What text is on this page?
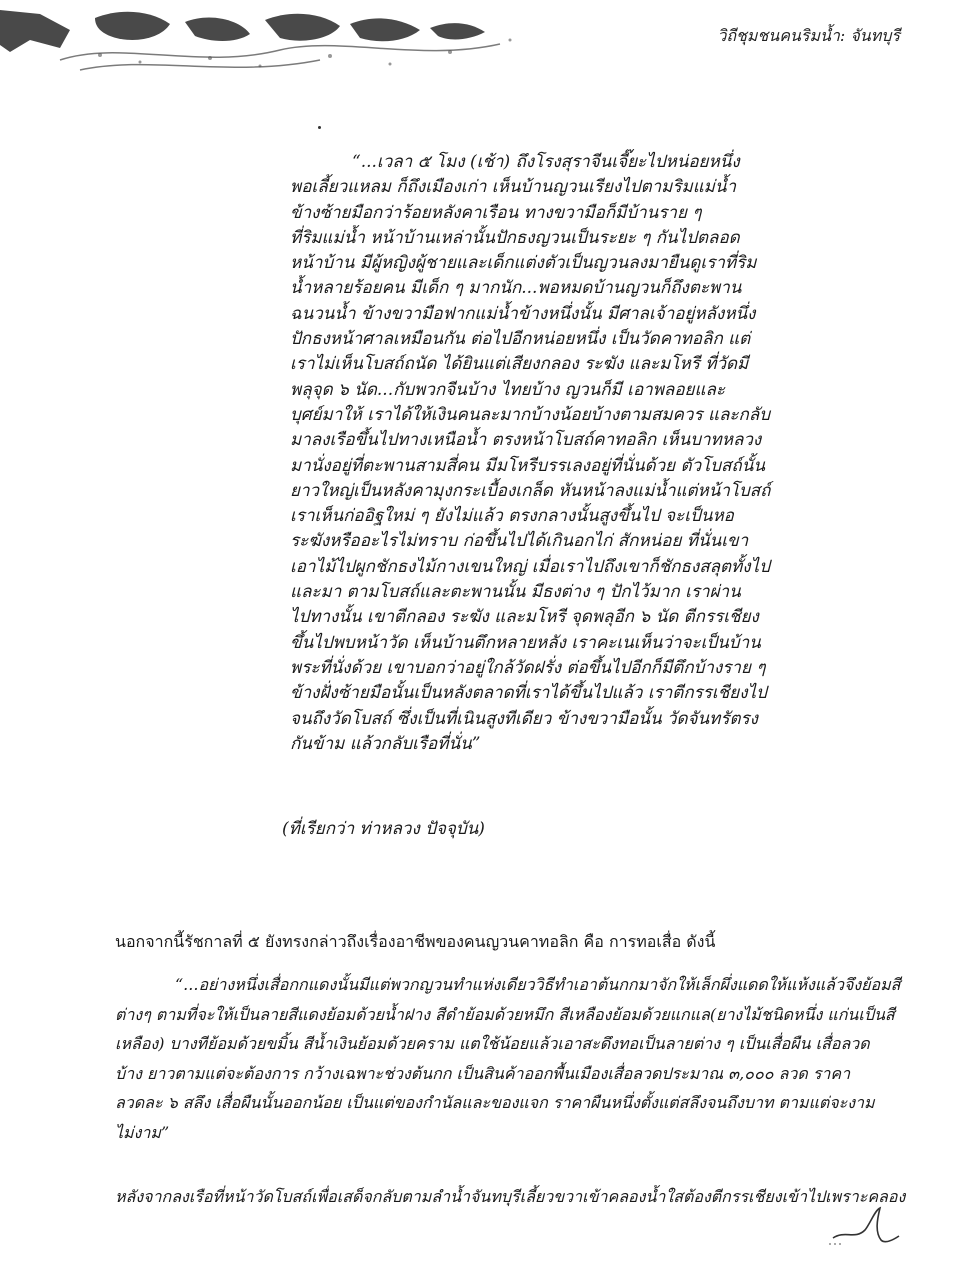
วิถีชุมชนคนริมน้ำ: จันทบุรี
“...เวลา ๕ โมง (เช้า) ถึงโรงสุราจีนเจี๊ยะไปหน่อยหนึ่ง
พอเลี้ยวแหลม ก็ถึงเมืองเก่า เห็นบ้านญวนเรียงไปตามริมแม่น้ำ
ข้างซ้ายมือกว่าร้อยหลังคาเรือน ทางขวามือก็มีบ้านราย ๆ
ที่ริมแม่น้ำ หน้าบ้านเหล่านั้นปักธงญวนเป็นระยะ ๆ กันไปตลอด
หน้าบ้าน มีผู้หญิงผู้ชายและเด็กแต่งตัวเป็นญวนลงมายืนดูเราที่ริม
น้ำหลายร้อยคน มีเด็ก ๆ มากนัก...พอหมดบ้านญวนก็ถึงตะพาน
ฉนวนน้ำ ข้างขวามือฟากแม่น้ำข้างหนึ่งนั้น มีศาลเจ้าอยู่หลังหนึ่ง
ปักธงหน้าศาลเหมือนกัน ต่อไปอีกหน่อยหนึ่ง เป็นวัดคาทอลิก แต่
เราไม่เห็นโบสถ์ถนัด ได้ยินแต่เสียงกลอง ระฆัง และมโหรี ที่วัดมี
พลุจุด ๖ นัด...กับพวกจีนบ้าง ไทยบ้าง ญวนก็มี เอาพลอยและ
บุศย์มาให้ เราได้ให้เงินคนละมากบ้างน้อยบ้างตามสมควร และกลับ
มาลงเรือขึ้นไปทางเหนือน้ำ ตรงหน้าโบสถ์คาทอลิก เห็นบาทหลวง
มานั่งอยู่ที่ตะพานสามสี่คน มีมโหรีบรรเลงอยู่ที่นั่นด้วย ตัวโบสถ์นั้น
ยาวใหญ่เป็นหลังคามุงกระเบื้องเกล็ด หันหน้าลงแม่น้ำแต่หน้าโบสถ์
เราเห็นก่ออิฐใหม่ ๆ ยังไม่แล้ว ตรงกลางนั้นสูงขึ้นไป จะเป็นหอ
ระฆังหรืออะไรไม่ทราบ ก่อขึ้นไปได้เกินอกไก่ สักหน่อย ที่นั่นเขา
เอาไม้ไปผูกชักธงไม้กางเขนใหญ่ เมื่อเราไปถึงเขาก็ชักธงสลุตทั้งไป
และมา ตามโบสถ์และตะพานนั้น มีธงต่าง ๆ ปักไว้มาก เราผ่าน
ไปทางนั้น เขาตีกลอง ระฆัง และมโหรี จุดพลุอีก ๖ นัด ตีกรรเชียง
ขึ้นไปพบหน้าวัด เห็นบ้านตึกหลายหลัง เราคะเนเห็นว่าจะเป็นบ้าน
พระที่นั่งด้วย เขาบอกว่าอยู่ใกล้วัดฝรั่ง ต่อขึ้นไปอีกก็มีตึกบ้างราย ๆ
ข้างฝั่งซ้ายมือนั้นเป็นหลังตลาดที่เราได้ขึ้นไปแล้ว เราตีกรรเชียงไป
จนถึงวัดโบสถ์ ซึ่งเป็นที่เนินสูงทีเดียว ข้างขวามือนั้น วัดจันทรัตรง
กันข้าม แล้วกลับเรือที่นั่น”
(ที่เรียกว่า ท่าหลวง ปัจจุบัน)
นอกจากนี้รัชกาลที่ ๕ ยังทรงกล่าวถึงเรื่องอาชีพของคนญวนคาทอลิก คือ การทอเสื่อ ดังนี้
“...อย่างหนึ่งเสื่อกกแดงนั้นมีแต่พวกญวนทำแห่งเดียววิธีทำเอาต้นกกมาจักให้เล็กผึ่งแดดให้แห้งแล้วจึงย้อมสี
ต่างๆ ตามที่จะให้เป็นลายสีแดงย้อมด้วยน้ำฝาง สีดำย้อมด้วยหมึก สีเหลืองย้อมด้วยแกแล(ยางไม้ชนิดหนึ่ง แก่นเป็นสี
เหลือง) บางทีย้อมด้วยขมิ้น สีน้ำเงินย้อมด้วยคราม แตใช้น้อยแล้วเอาสะดึงทอเป็นลายต่าง ๆ เป็นเสื่อผืน เสื่อลวด
บ้าง ยาวตามแต่จะต้องการ กว้างเฉพาะช่วงต้นกก เป็นสินค้าออกพื้นเมืองเสื่อลวดประมาณ ๓,๐๐๐ ลวด ราคา
ลวดละ ๖ สลึง เสื่อผืนนั้นออกน้อย เป็นแต่ของกำนัลและของแจก ราคาผืนหนึ่งตั้งแต่สลึงจนถึงบาท ตามแต่จะงาม
ไม่งาม”
หลังจากลงเรือที่หน้าวัดโบสถ์เพื่อเสด็จกลับตามลำน้ำจันทบุรีเลี้ยวขวาเข้าคลองน้ำใสต้องตีกรรเชียงเข้าไปเพราะคลอง
